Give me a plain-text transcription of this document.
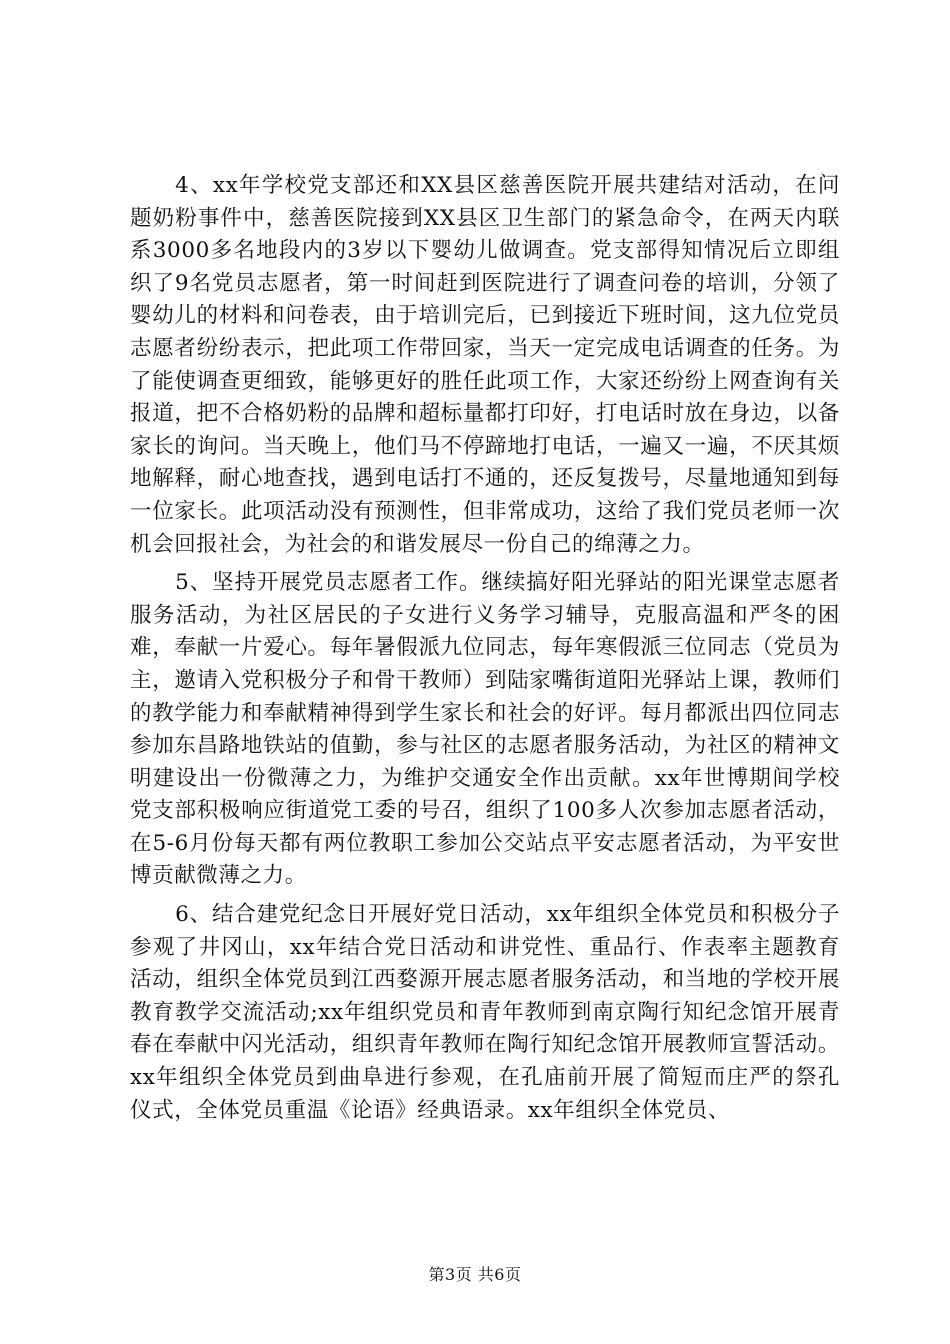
4、xx年学校党支部还和XX县区慈善医院开展共建结对活动，在问题奶粉事件中，慈善医院接到XX县区卫生部门的紧急命令，在两天内联系3000多名地段内的3岁以下婴幼儿做调查。党支部得知情况后立即组织了9名党员志愿者，第一时间赶到医院进行了调查问卷的培训，分领了婴幼儿的材料和问卷表，由于培训完后，已到接近下班时间，这九位党员志愿者纷纷表示，把此项工作带回家，当天一定完成电话调查的任务。为了能使调查更细致，能够更好的胜任此项工作，大家还纷纷上网查询有关报道，把不合格奶粉的品牌和超标量都打印好，打电话时放在身边，以备家长的询问。当天晚上，他们马不停蹄地打电话，一遍又一遍，不厌其烦地解释，耐心地查找，遇到电话打不通的，还反复拨号，尽量地通知到每一位家长。此项活动没有预测性，但非常成功，这给了我们党员老师一次机会回报社会，为社会的和谐发展尽一份自己的绵薄之力。

5、坚持开展党员志愿者工作。继续搞好阳光驿站的阳光课堂志愿者服务活动，为社区居民的子女进行义务学习辅导，克服高温和严冬的困难，奉献一片爱心。每年暑假派九位同志，每年寒假派三位同志（党员为主，邀请入党积极分子和骨干教师）到陆家嘴街道阳光驿站上课，教师们的教学能力和奉献精神得到学生家长和社会的好评。每月都派出四位同志参加东昌路地铁站的值勤，参与社区的志愿者服务活动，为社区的精神文明建设出一份微薄之力，为维护交通安全作出贡献。xx年世博期间学校党支部积极响应街道党工委的号召，组织了100多人次参加志愿者活动，在5-6月份每天都有两位教职工参加公交站点平安志愿者活动，为平安世博贡献微薄之力。

6、结合建党纪念日开展好党日活动，xx年组织全体党员和积极分子参观了井冈山，xx年结合党日活动和讲党性、重品行、作表率主题教育活动，组织全体党员到江西婺源开展志愿者服务活动，和当地的学校开展教育教学交流活动;xx年组织党员和青年教师到南京陶行知纪念馆开展青春在奉献中闪光活动，组织青年教师在陶行知纪念馆开展教师宣誓活动。xx年组织全体党员到曲阜进行参观，在孔庙前开展了简短而庄严的祭孔仪式，全体党员重温《论语》经典语录。xx年组织全体党员、

第3页 共6页
